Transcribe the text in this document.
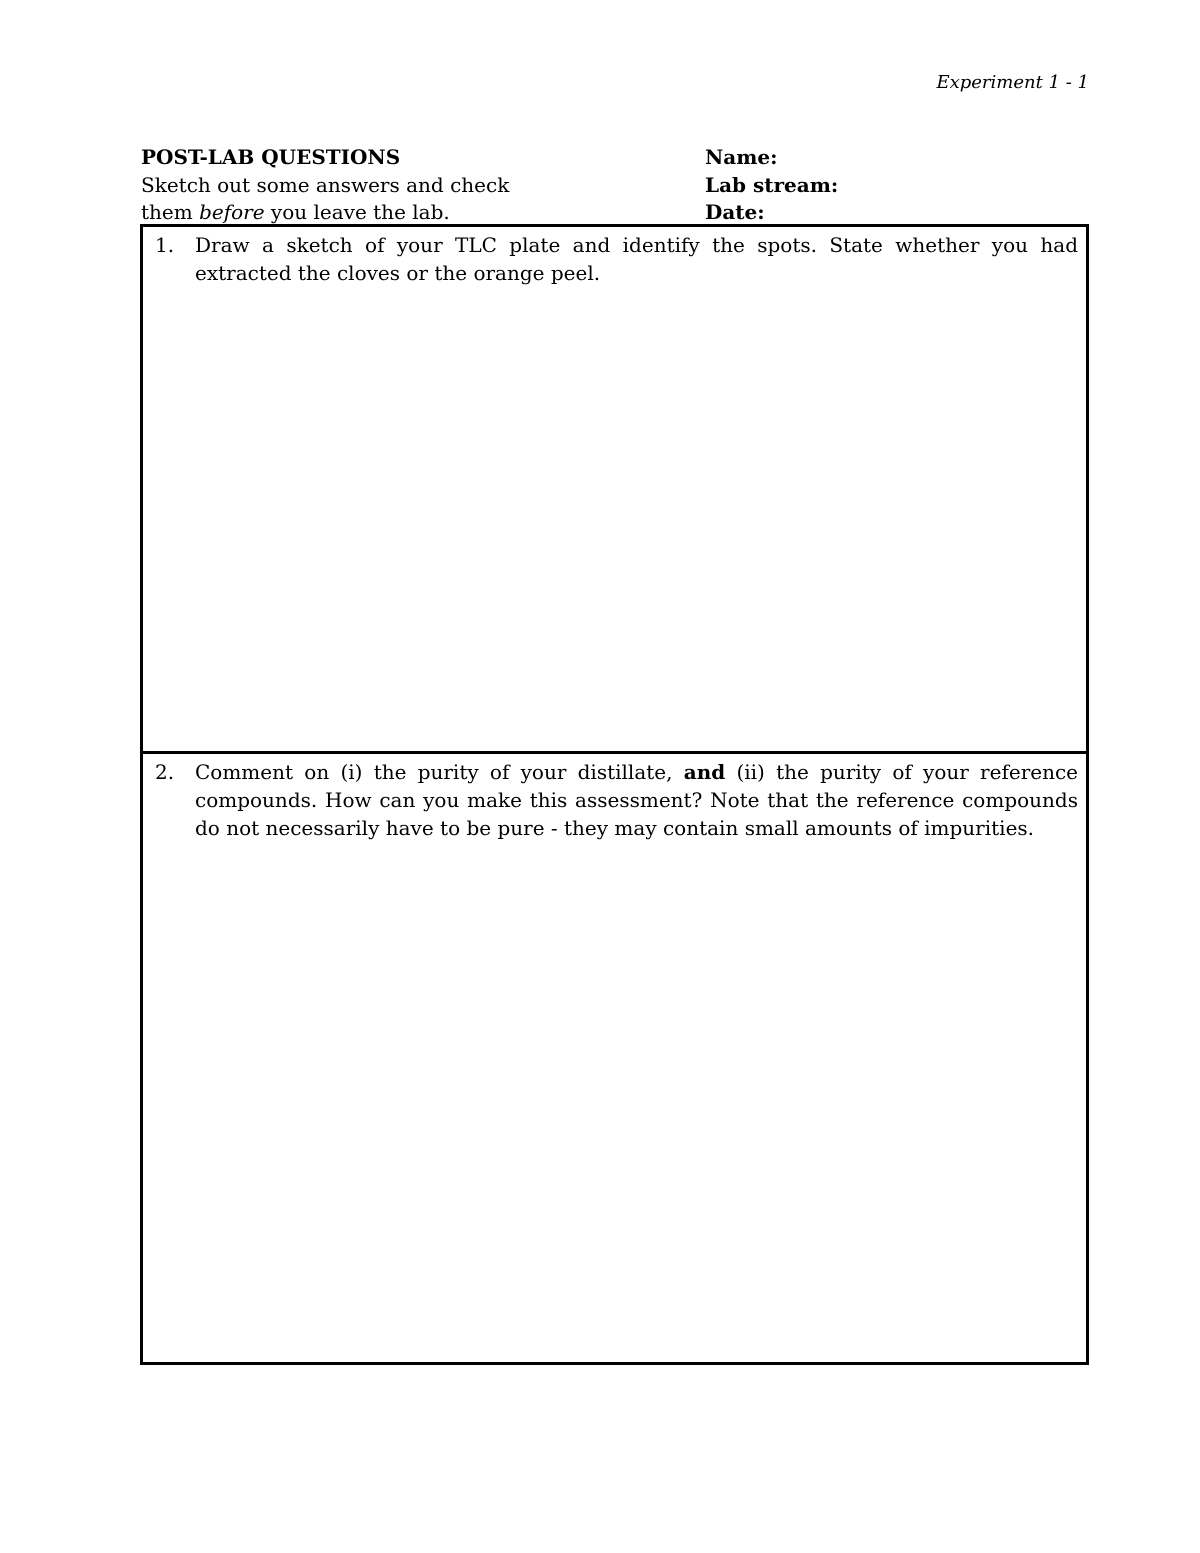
Experiment 1 - 1
POST-LAB QUESTIONS
Sketch out some answers and check
them before you leave the lab.
Name:
Lab stream:
Date:
1.	Draw a sketch of your TLC plate and identify the spots. State whether you had extracted the cloves or the orange peel.
2.	Comment on (i) the purity of your distillate, and (ii) the purity of your reference compounds. How can you make this assessment? Note that the reference compounds do not necessarily have to be pure - they may contain small amounts of impurities.
